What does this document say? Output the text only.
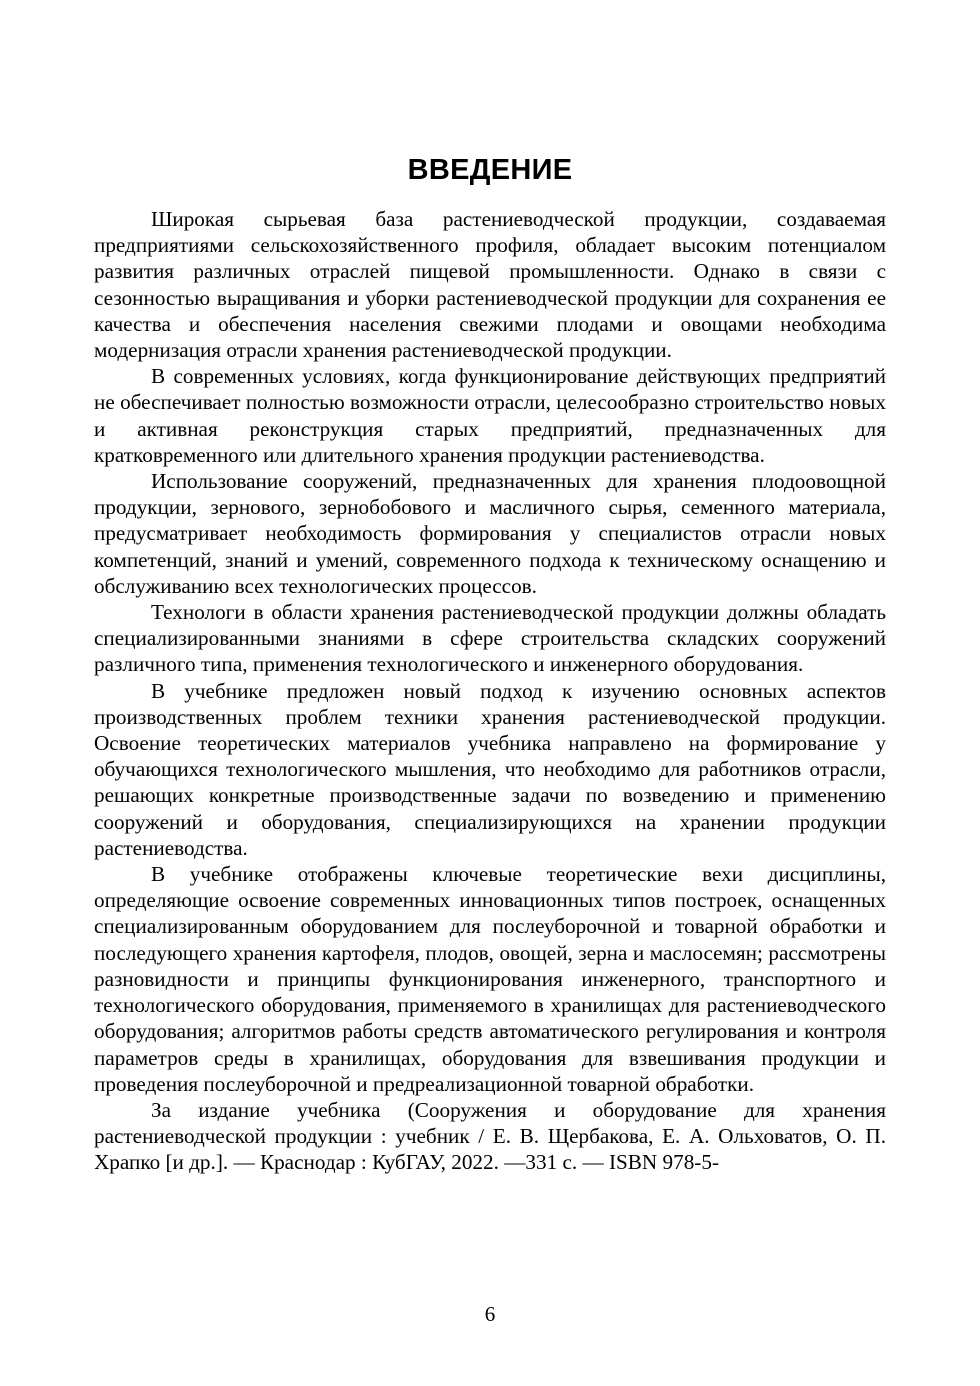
ВВЕДЕНИЕ

Широкая сырьевая база растениеводческой продукции, создаваемая предприятиями сельскохозяйственного профиля, обладает высоким потенциалом развития различных отраслей пищевой промышленности. Однако в связи с сезонностью выращивания и уборки растениеводческой продукции для сохранения ее качества и обеспечения населения свежими плодами и овощами необходима модернизация отрасли хранения растениеводческой продукции.

В современных условиях, когда функционирование действующих предприятий не обеспечивает полностью возможности отрасли, целесообразно строительство новых и активная реконструкция старых предприятий, предназначенных для кратковременного или длительного хранения продукции растениеводства.

Использование сооружений, предназначенных для хранения плодоовощной продукции, зернового, зернобобового и масличного сырья, семенного материала, предусматривает необходимость формирования у специалистов отрасли новых компетенций, знаний и умений, современного подхода к техническому оснащению и обслуживанию всех технологических процессов.

Технологи в области хранения растениеводческой продукции должны обладать специализированными знаниями в сфере строительства складских сооружений различного типа, применения технологического и инженерного оборудования.

В учебнике предложен новый подход к изучению основных аспектов производственных проблем техники хранения растениеводческой продукции. Освоение теоретических материалов учебника направлено на формирование у обучающихся технологического мышления, что необходимо для работников отрасли, решающих конкретные производственные задачи по возведению и применению сооружений и оборудования, специализирующихся на хранении продукции растениеводства.

В учебнике отображены ключевые теоретические вехи дисциплины, определяющие освоение современных инновационных типов построек, оснащенных специализированным оборудованием для послеуборочной и товарной обработки и последующего хранения картофеля, плодов, овощей, зерна и маслосемян; рассмотрены разновидности и принципы функционирования инженерного, транспортного и технологического оборудования, применяемого в хранилищах для растениеводческого оборудования; алгоритмов работы средств автоматического регулирования и контроля параметров среды в хранилищах, оборудования для взвешивания продукции и проведения послеуборочной и предреализационной товарной обработки.

За издание учебника (Сооружения и оборудование для хранения растениеводческой продукции : учебник / Е. В. Щербакова, Е. А. Ольховатов, О. П. Храпко [и др.]. — Краснодар : КубГАУ, 2022. —331 с. — ISBN 978-5-

6
